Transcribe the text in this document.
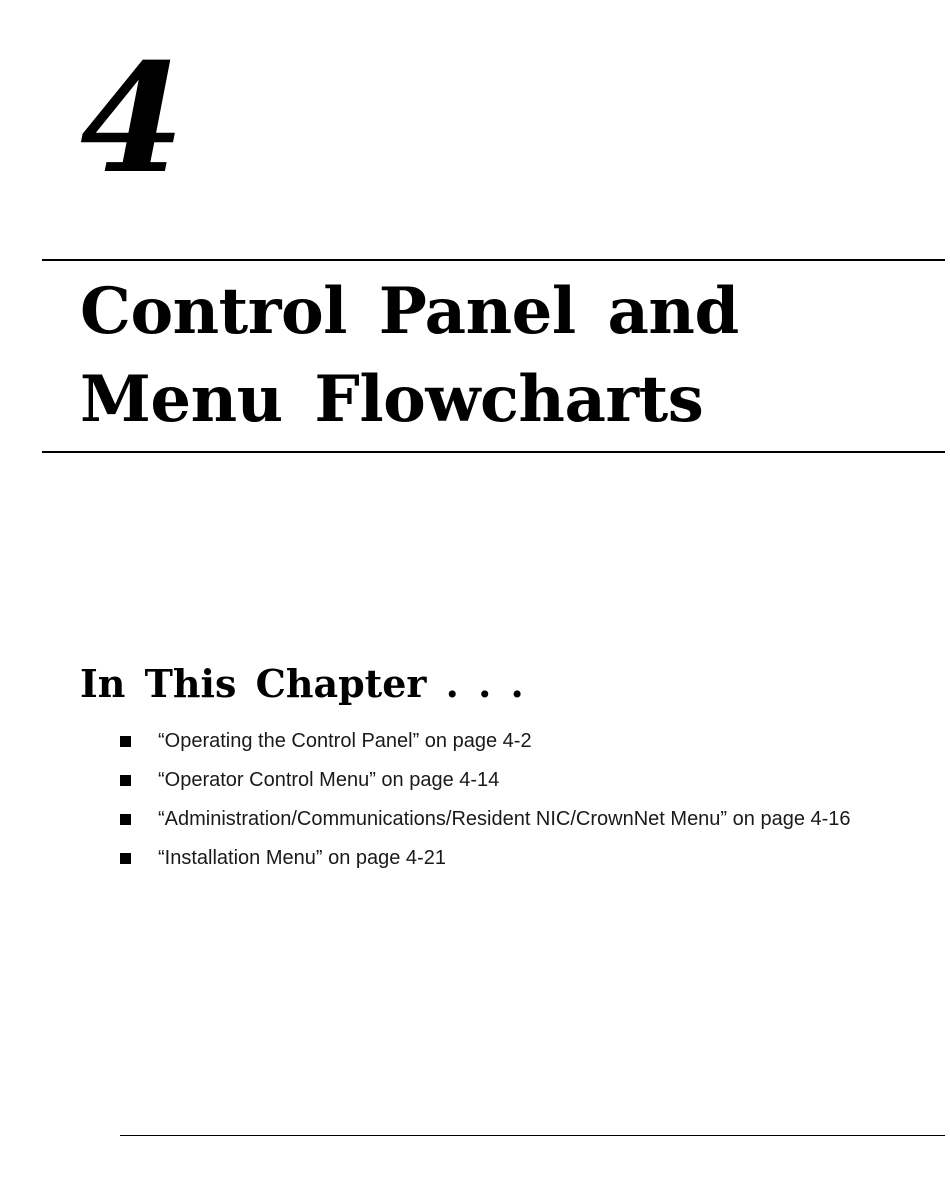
4
Control Panel and
Menu Flowcharts
In This Chapter . . .
“Operating the Control Panel” on page 4-2
“Operator Control Menu” on page 4-14
“Administration/Communications/Resident NIC/CrownNet Menu” on page 4-16
“Installation Menu” on page 4-21
